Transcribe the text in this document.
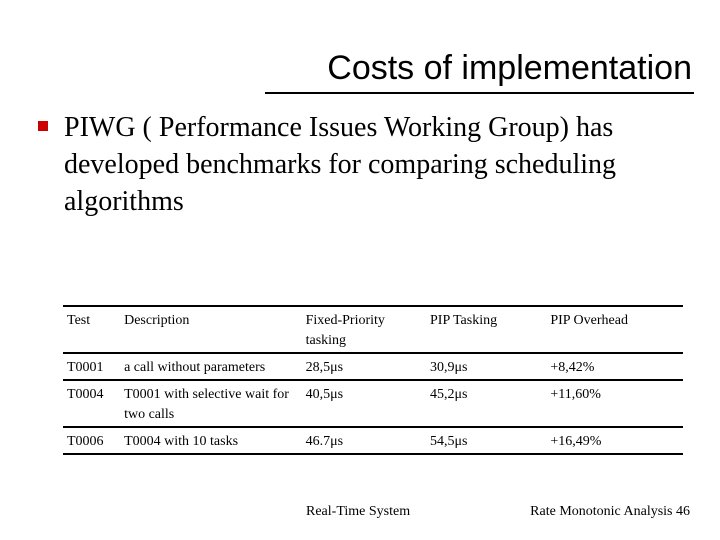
Costs of implementation
PIWG ( Performance Issues Working Group) has developed benchmarks for comparing scheduling algorithms
Test	Description	Fixed-Priority tasking	PIP Tasking	PIP Overhead
T0001	a call without parameters	28,5μs	30,9μs	+8,42%
T0004	T0001 with selective wait for two calls	40,5μs	45,2μs	+11,60%
T0006	T0004 with 10 tasks	46.7μs	54,5μs	+16,49%
Real-Time System	Rate Monotonic Analysis 46
